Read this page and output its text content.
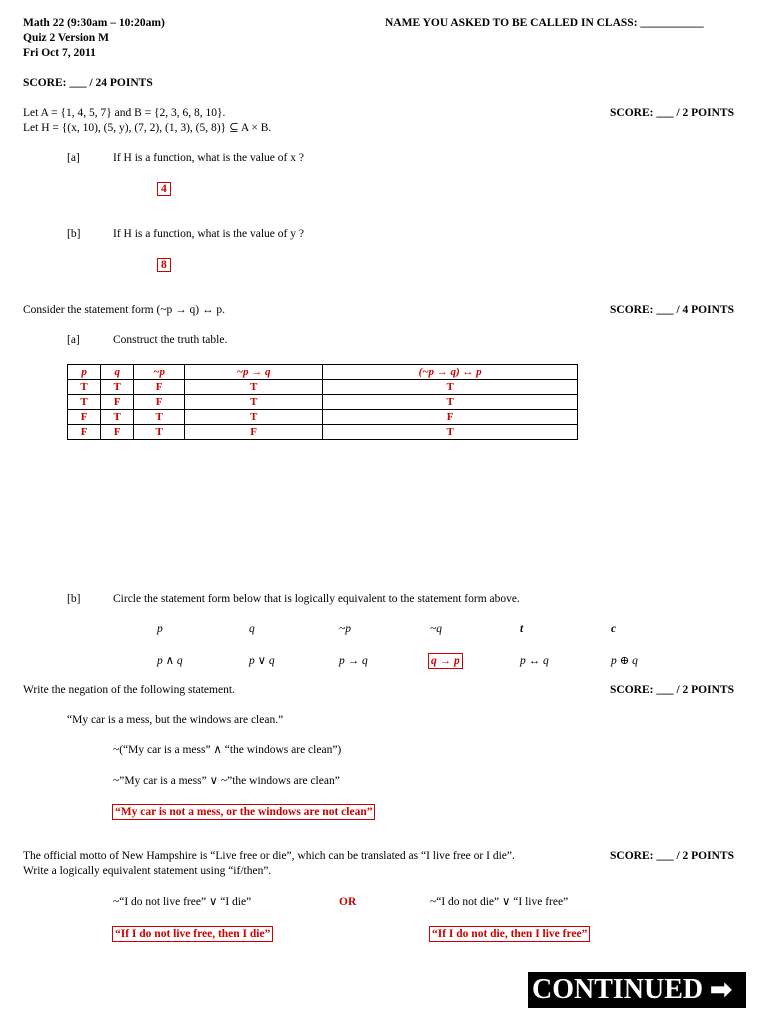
Math 22 (9:30am – 10:20am)
Quiz 2 Version M
Fri Oct 7, 2011
NAME YOU ASKED TO BE CALLED IN CLASS: ___________
SCORE: ___ / 24 POINTS
Let A = {1, 4, 5, 7} and B = {2, 3, 6, 8, 10}.
Let H = {(x, 10), (5, y), (7, 2), (1, 3), (5, 8)} ⊆ A × B.
SCORE: ___ / 2 POINTS
[a]	If H is a function, what is the value of x ?
4
[b]	If H is a function, what is the value of y ?
8
Consider the statement form (~p → q) ↔ p.	SCORE: ___ / 4 POINTS
[a]	Construct the truth table.
p	q	~p	~p → q	(~p → q) ↔ p
T	T	F	T	T
T	F	F	T	T
F	T	T	T	F
F	F	T	F	T
[b]	Circle the statement form below that is logically equivalent to the statement form above.
p	q	~p	~q	t	c
p ∧ q	p ∨ q	p → q	q → p	p ↔ q	p ⊕ q
Write the negation of the following statement.	SCORE: ___ / 2 POINTS
“My car is a mess, but the windows are clean.”
~(“My car is a mess” ∧ “the windows are clean”)
~”My car is a mess” ∨ ~”the windows are clean”
“My car is not a mess, or the windows are not clean”
The official motto of New Hampshire is “Live free or die”, which can be translated as “I live free or I die”.
Write a logically equivalent statement using “if/then”.
SCORE: ___ / 2 POINTS
~“I do not live free” ∨ “I die”	OR	~“I do not die” ∨ “I live free”
“If I do not live free, then I die”	“If I do not die, then I live free”
CONTINUED ➡
